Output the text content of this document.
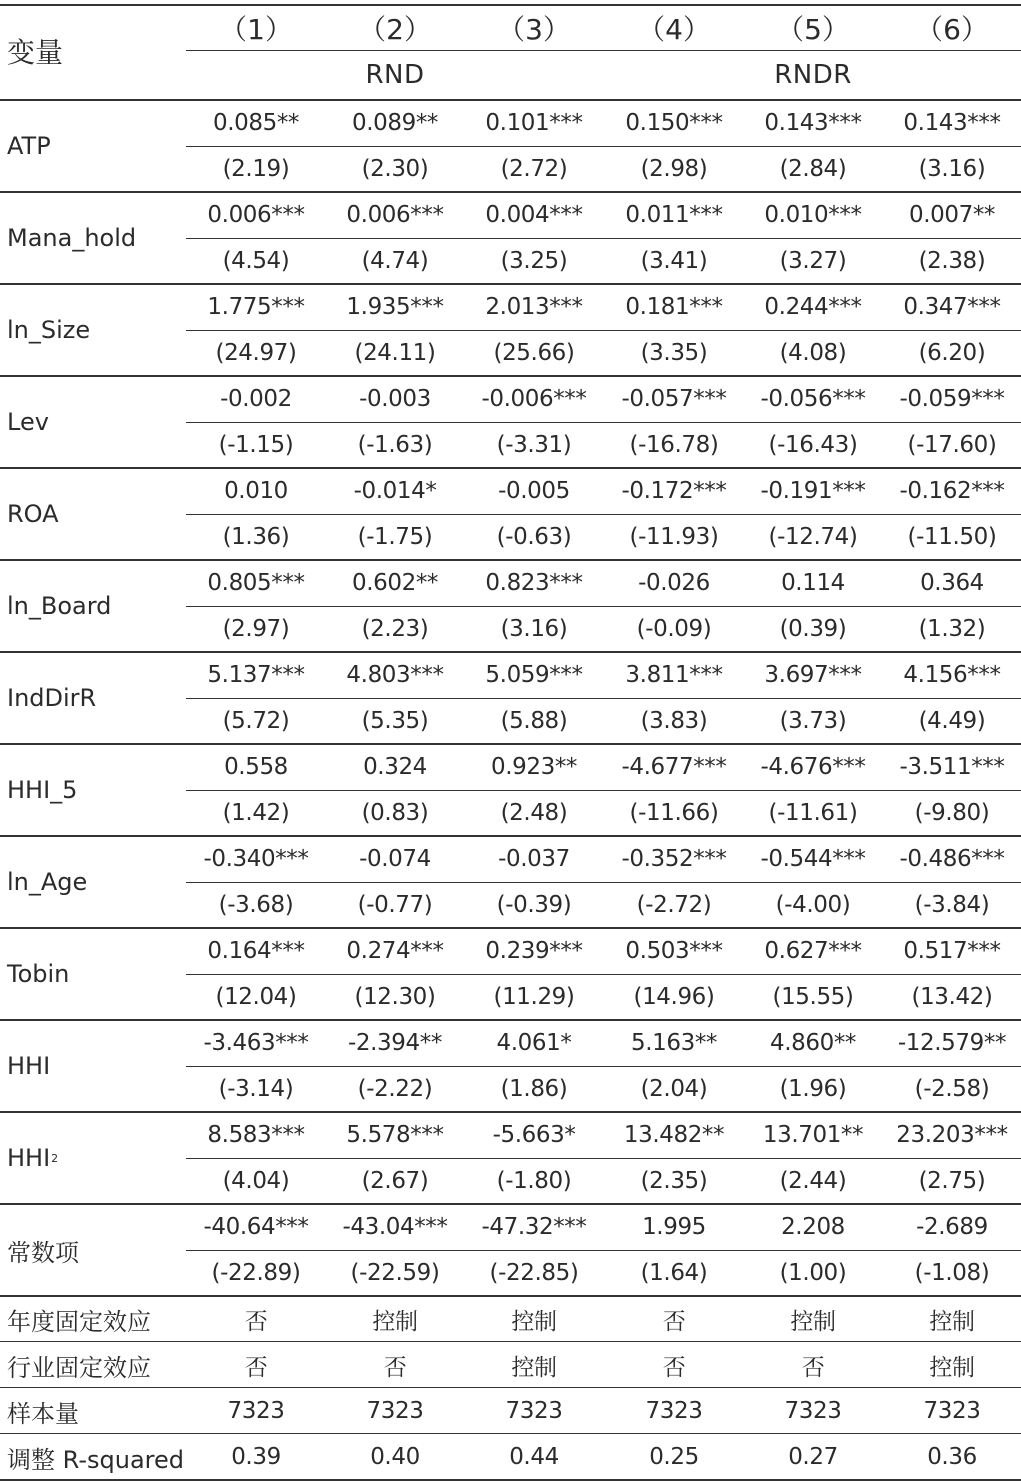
变量
（1）	（2）	（3）	（4）	（5）	（6）
RND	RNDR
ATP
0.085**	0.089**	0.101***	0.150***	0.143***	0.143***
(2.19)	(2.30)	(2.72)	(2.98)	(2.84)	(3.16)
Mana_hold
0.006***	0.006***	0.004***	0.011***	0.010***	0.007**
(4.54)	(4.74)	(3.25)	(3.41)	(3.27)	(2.38)
ln_Size
1.775***	1.935***	2.013***	0.181***	0.244***	0.347***
(24.97)	(24.11)	(25.66)	(3.35)	(4.08)	(6.20)
Lev
-0.002	-0.003	-0.006***	-0.057***	-0.056***	-0.059***
(-1.15)	(-1.63)	(-3.31)	(-16.78)	(-16.43)	(-17.60)
ROA
0.010	-0.014*	-0.005	-0.172***	-0.191***	-0.162***
(1.36)	(-1.75)	(-0.63)	(-11.93)	(-12.74)	(-11.50)
ln_Board
0.805***	0.602**	0.823***	-0.026	0.114	0.364
(2.97)	(2.23)	(3.16)	(-0.09)	(0.39)	(1.32)
IndDirR
5.137***	4.803***	5.059***	3.811***	3.697***	4.156***
(5.72)	(5.35)	(5.88)	(3.83)	(3.73)	(4.49)
HHI_5
0.558	0.324	0.923**	-4.677***	-4.676***	-3.511***
(1.42)	(0.83)	(2.48)	(-11.66)	(-11.61)	(-9.80)
ln_Age
-0.340***	-0.074	-0.037	-0.352***	-0.544***	-0.486***
(-3.68)	(-0.77)	(-0.39)	(-2.72)	(-4.00)	(-3.84)
Tobin
0.164***	0.274***	0.239***	0.503***	0.627***	0.517***
(12.04)	(12.30)	(11.29)	(14.96)	(15.55)	(13.42)
HHI
-3.463***	-2.394**	4.061*	5.163**	4.860**	-12.579**
(-3.14)	(-2.22)	(1.86)	(2.04)	(1.96)	(-2.58)
HHI 2
8.583***	5.578***	-5.663*	13.482**	13.701**	23.203***
(4.04)	(2.67)	(-1.80)	(2.35)	(2.44)	(2.75)
常数项
-40.64***	-43.04***	-47.32***	1.995	2.208	-2.689
(-22.89)	(-22.59)	(-22.85)	(1.64)	(1.00)	(-1.08)
年度固定效应	否	控制	控制	否	控制	控制
行业固定效应	否	否	控制	否	否	控制
样本量	7323	7323	7323	7323	7323	7323
调整 R-squared	0.39	0.40	0.44	0.25	0.27	0.36
